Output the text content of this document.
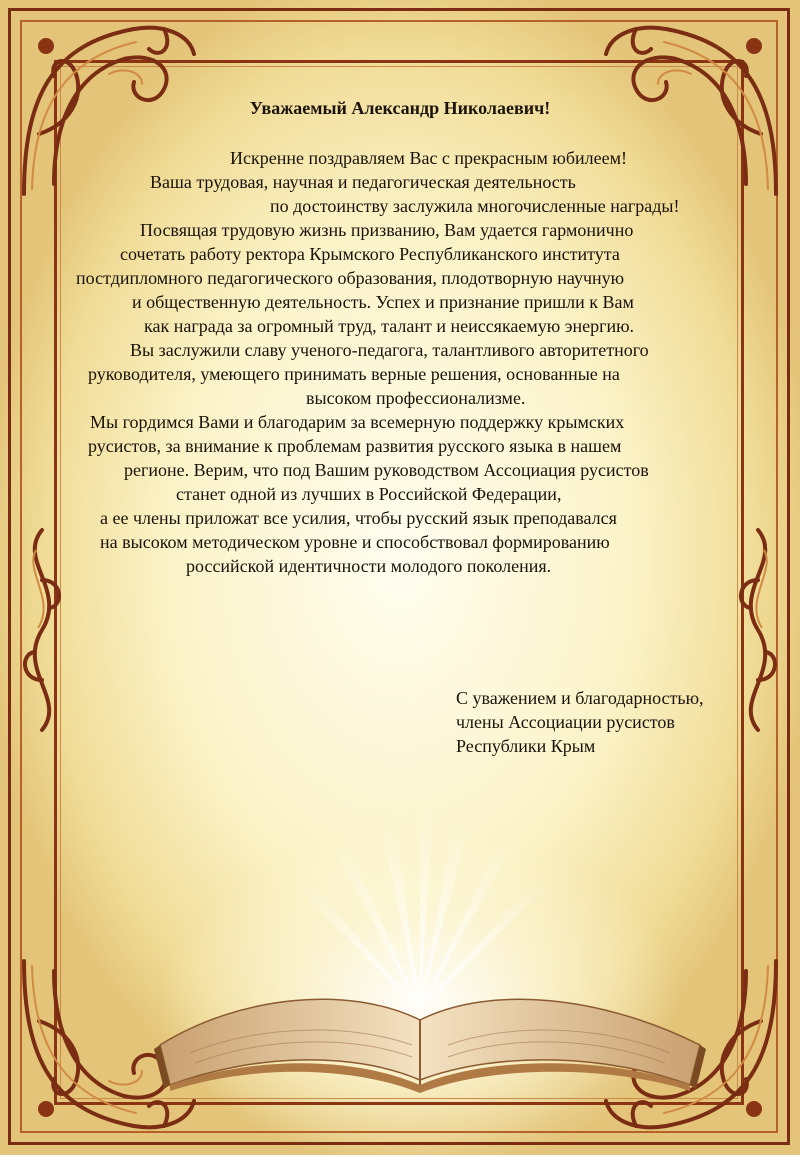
Уважаемый Александр Николаевич!
Искренне поздравляем Вас с прекрасным юбилеем!
Ваша трудовая, научная и педагогическая деятельность
по достоинству заслужила многочисленные награды!
Посвящая трудовую жизнь призванию, Вам удается гармонично
сочетать работу ректора Крымского Республиканского института
постдипломного педагогического образования, плодотворную научную
и общественную деятельность. Успех и признание пришли к Вам
как награда за огромный труд, талант и неиссякаемую энергию.
Вы заслужили славу ученого-педагога, талантливого авторитетного
руководителя, умеющего принимать верные решения, основанные на
высоком профессионализме.
Мы гордимся Вами и благодарим за всемерную поддержку крымских
русистов, за внимание к проблемам развития русского языка в нашем
регионе. Верим, что под Вашим руководством Ассоциация русистов
станет одной из лучших в Российской Федерации,
а ее члены приложат все усилия, чтобы русский язык преподавался
на высоком методическом уровне и способствовал формированию
российской идентичности молодого поколения.
С уважением и благодарностью,
члены Ассоциации русистов
Республики Крым
